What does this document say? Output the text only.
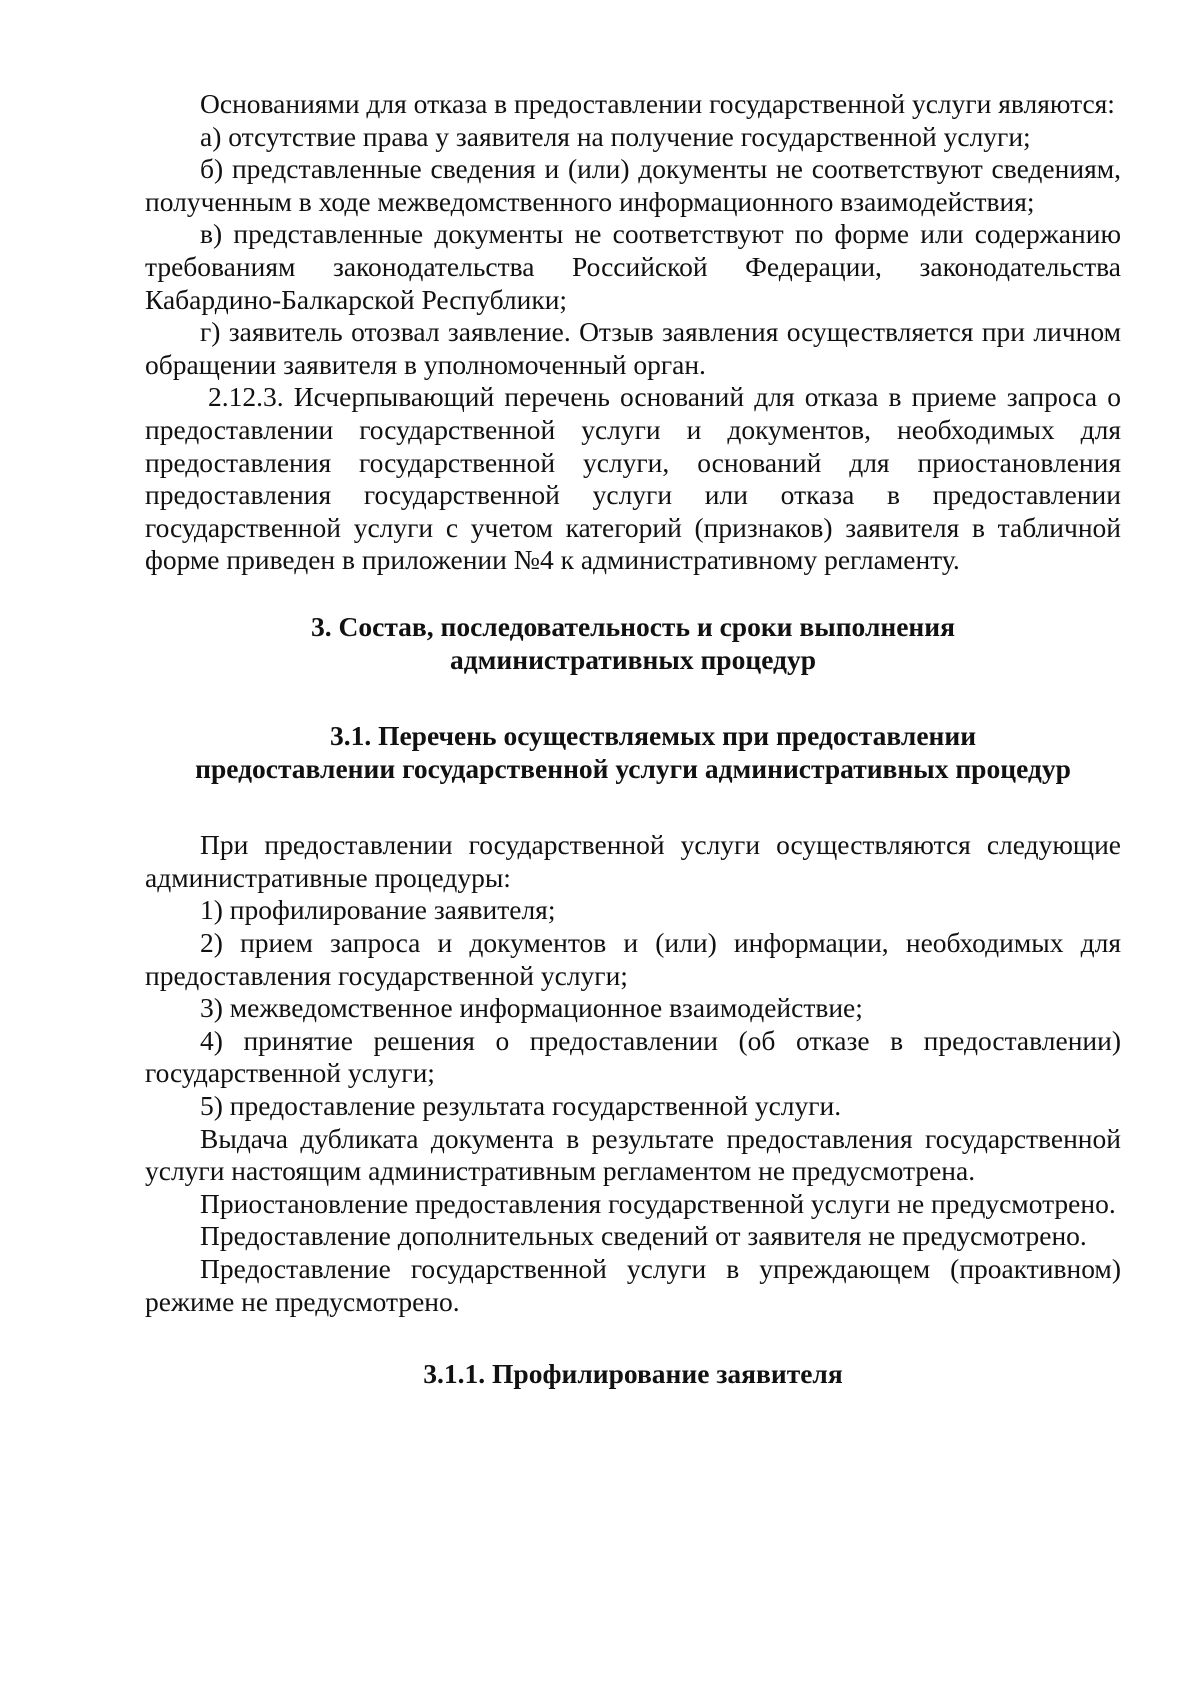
Основаниями для отказа в предоставлении государственной услуги являются:

а) отсутствие права у заявителя на получение государственной услуги;

б) представленные сведения и (или) документы не соответствуют сведениям, полученным в ходе межведомственного информационного взаимодействия;

в) представленные документы не соответствуют по форме или содержанию требованиям законодательства Российской Федерации, законодательства Кабардино-Балкарской Республики;

г) заявитель отозвал заявление. Отзыв заявления осуществляется при личном обращении заявителя в уполномоченный орган.

2.12.3. Исчерпывающий перечень оснований для отказа в приеме запроса о предоставлении государственной услуги и документов, необходимых для предоставления государственной услуги, оснований для приостановления предоставления государственной услуги или отказа в предоставлении государственной услуги с учетом категорий (признаков) заявителя в табличной форме приведен в приложении №4 к административному регламенту.

3. Состав, последовательность и сроки выполнения
административных процедур
3.1. Перечень осуществляемых при предоставлении
предоставлении государственной услуги административных процедур

При предоставлении государственной услуги осуществляются следующие административные процедуры:

1) профилирование заявителя;

2) прием запроса и документов и (или) информации, необходимых для предоставления государственной услуги;

3) межведомственное информационное взаимодействие;

4) принятие решения о предоставлении (об отказе в предоставлении) государственной услуги;

5) предоставление результата государственной услуги.

Выдача дубликата документа в результате предоставления государственной услуги настоящим административным регламентом не предусмотрена.

Приостановление предоставления государственной услуги не предусмотрено.

Предоставление дополнительных сведений от заявителя не предусмотрено.

Предоставление государственной услуги в упреждающем (проактивном) режиме не предусмотрено.

3.1.1. Профилирование заявителя
